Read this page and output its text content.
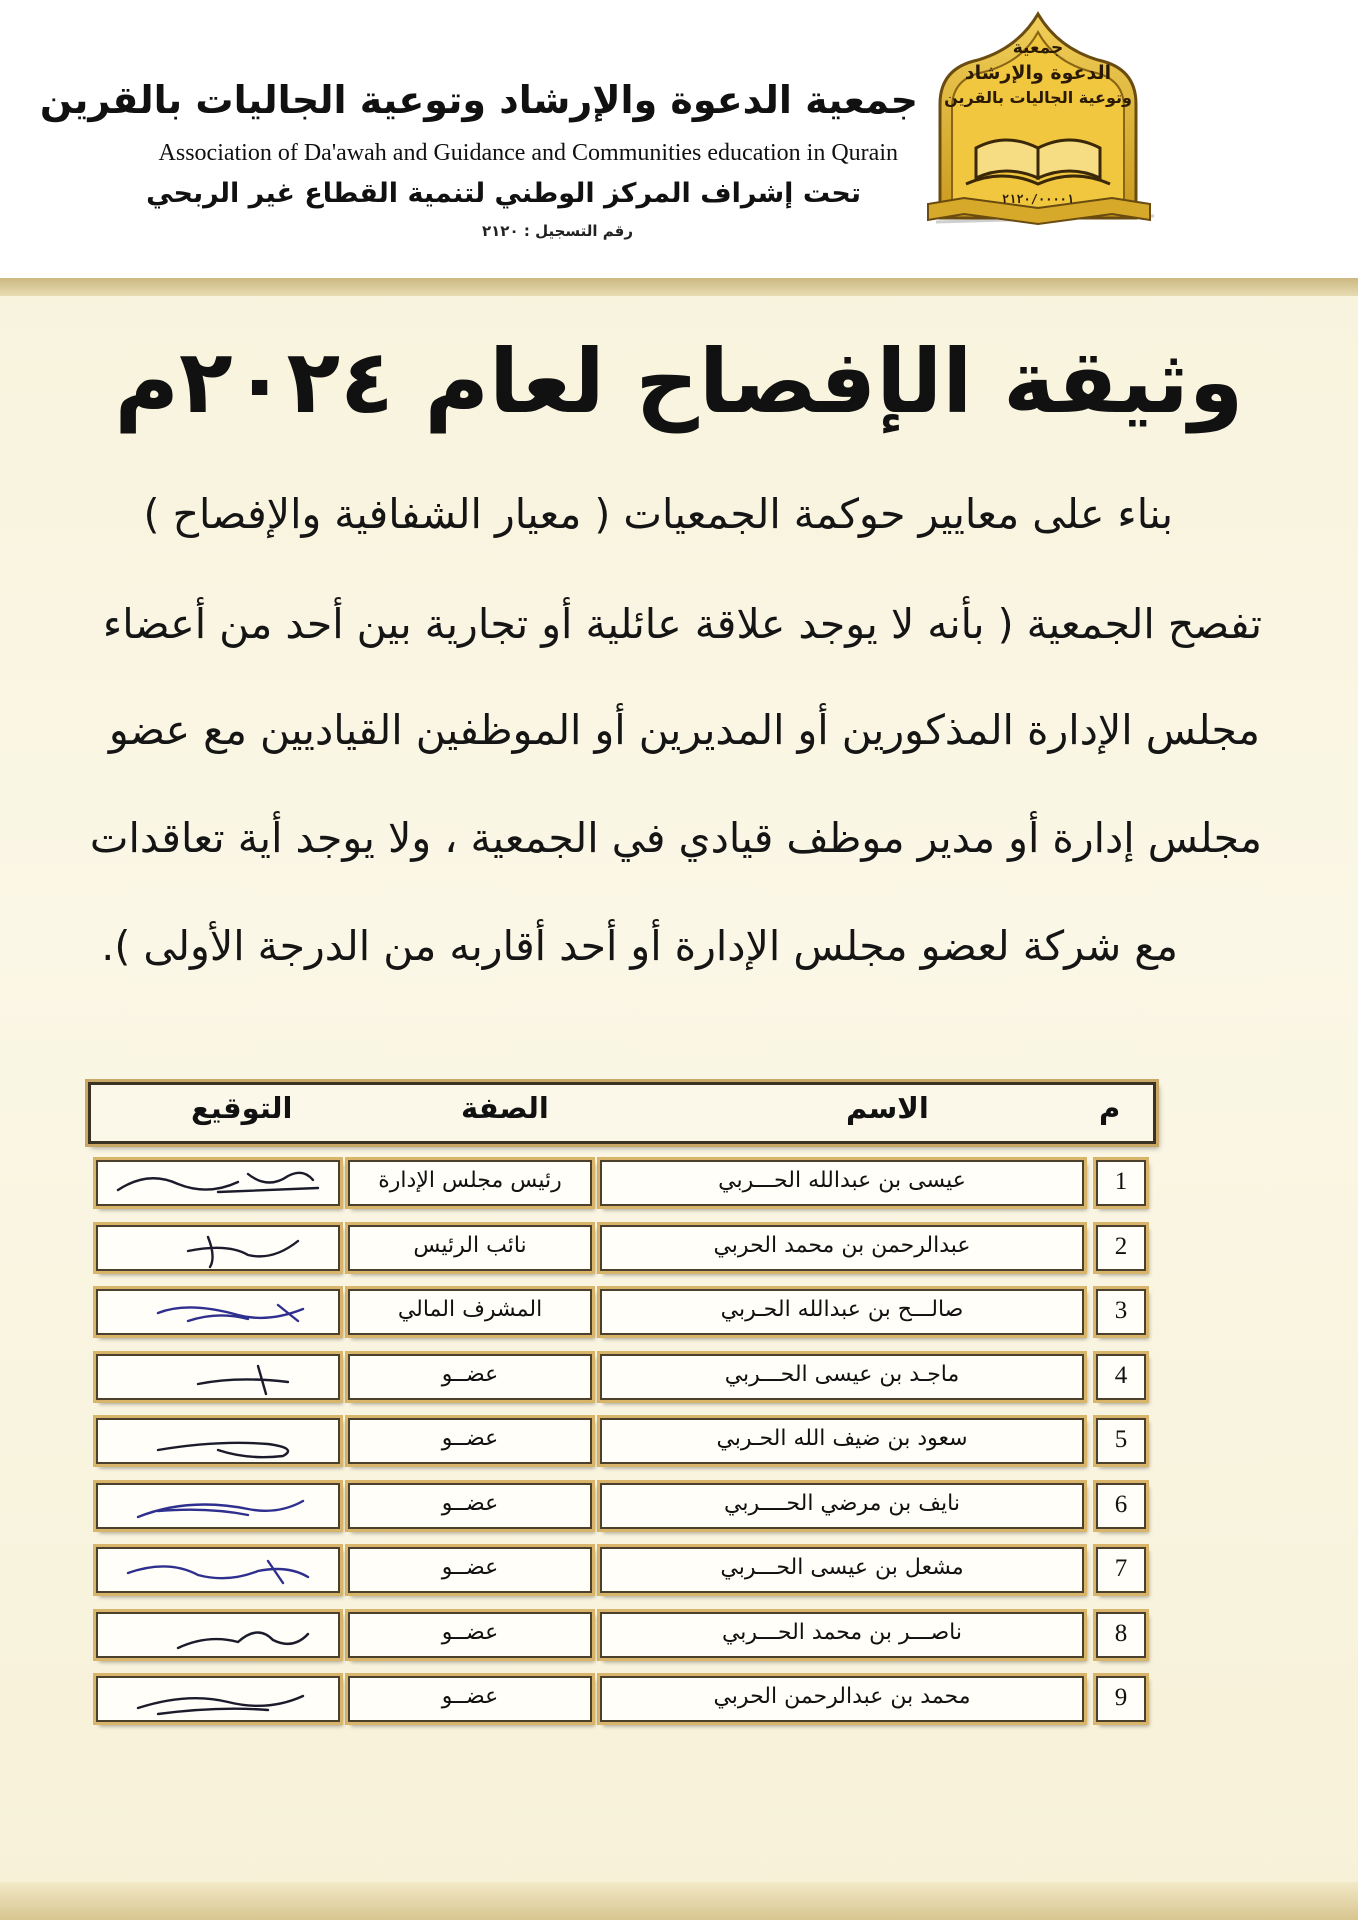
جمعية الدعوة والإرشاد وتوعية الجاليات بالقرين
Association of Da'awah and Guidance and Communities education in Qurain
تحت إشراف المركز الوطني لتنمية القطاع غير الربحي
رقم التسجيل : ٢١٢٠
جمعية
الدعوة والإرشاد
وتوعية الجاليات بالقرين
٢١٢٠/٠٠٠٠١
وثيقة الإفصاح لعام ٢٠٢٤م
بناء على معايير حوكمة الجمعيات ( معيار الشفافية والإفصاح )
تفصح الجمعية ( بأنه لا يوجد علاقة عائلية أو تجارية بين أحد من أعضاء
مجلس الإدارة المذكورين أو المديرين أو الموظفين القياديين مع عضو
مجلس إدارة أو مدير موظف قيادي في الجمعية ، ولا يوجد أية تعاقدات
مع شركة لعضو مجلس الإدارة أو أحد أقاربه من الدرجة الأولى ).
م
الاسم
الصفة
التوقيع
1
عيسى بن عبدالله الحـــربي
رئيس مجلس الإدارة
2
عبدالرحمن بن محمد الحربي
نائب الرئيس
3
صالـــح بن عبدالله الحـربي
المشرف المالي
4
ماجـد بن عيسى الحـــربي
عضــو
5
سعود بن ضيف الله الحـربي
عضــو
6
نايف بن مرضي الحــــربي
عضــو
7
مشعل بن عيسى الحـــربي
عضــو
8
ناصـــر بن محمد الحـــربي
عضــو
9
محمد بن عبدالرحمن الحربي
عضــو
